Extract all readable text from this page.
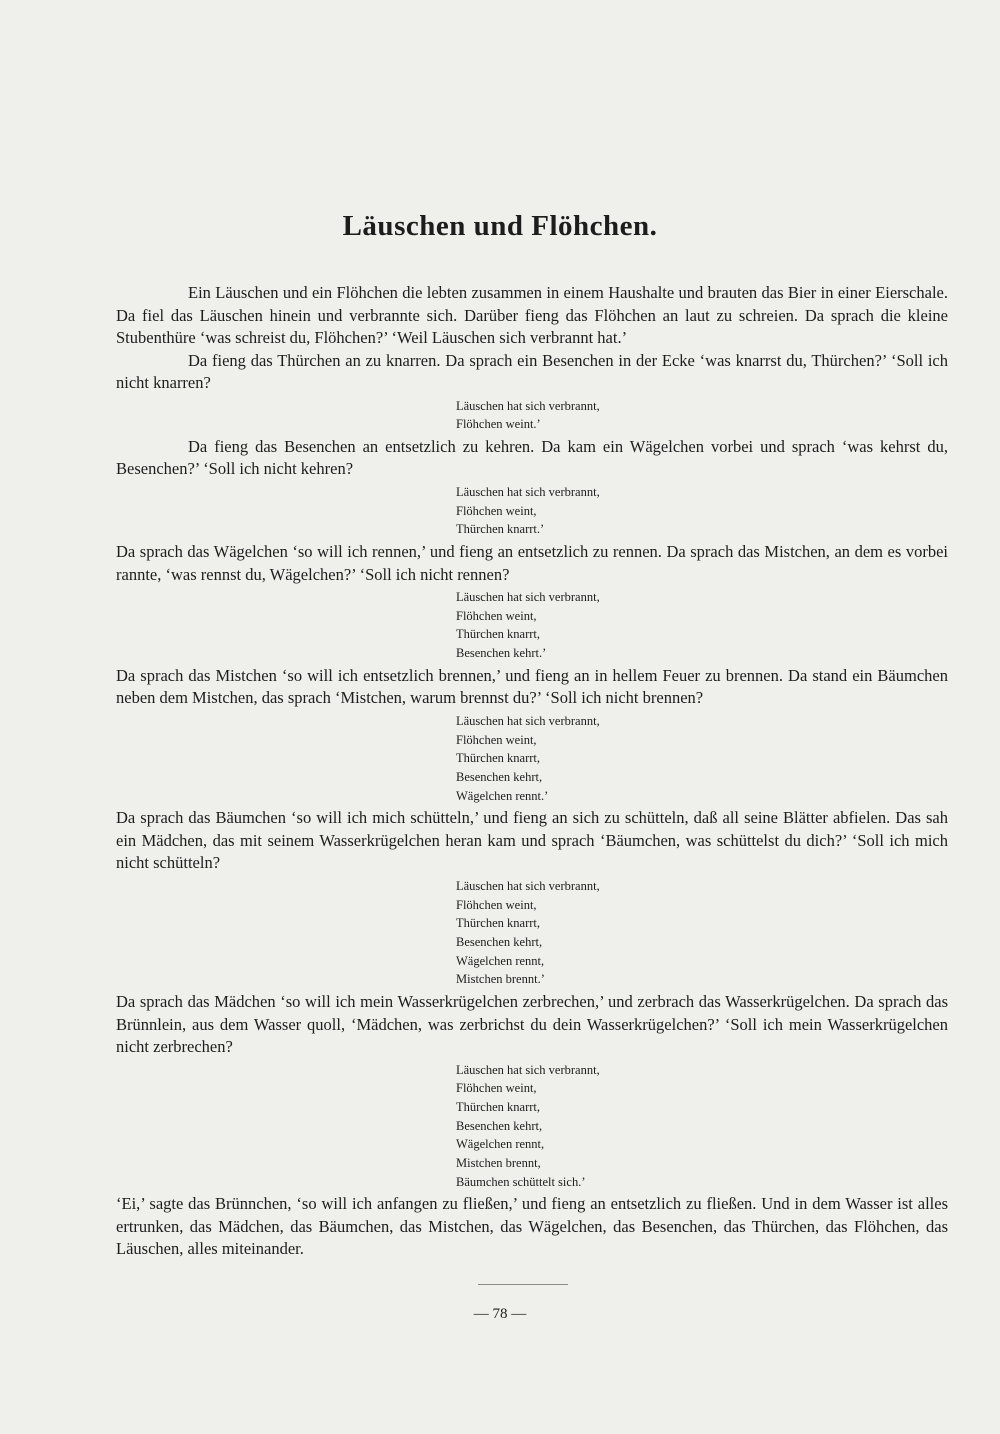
Läuschen und Flöhchen.

Ein Läuschen und ein Flöhchen die lebten zusammen in einem Haushalte und brauten das Bier in einer Eierschale. Da fiel das Läuschen hinein und verbrannte sich. Darüber fieng das Flöhchen an laut zu schreien. Da sprach die kleine Stubenthüre ‘was schreist du, Flöhchen?’ ‘Weil Läuschen sich verbrannt hat.’

Da fieng das Thürchen an zu knarren. Da sprach ein Besenchen in der Ecke ‘was knarrst du, Thürchen?’ ‘Soll ich nicht knarren?

Läuschen hat sich verbrannt,
Flöhchen weint.’

Da fieng das Besenchen an entsetzlich zu kehren. Da kam ein Wägelchen vorbei und sprach ‘was kehrst du, Besenchen?’ ‘Soll ich nicht kehren?

Läuschen hat sich verbrannt,
Flöhchen weint,
Thürchen knarrt.’

Da sprach das Wägelchen ‘so will ich rennen,’ und fieng an entsetzlich zu rennen. Da sprach das Mistchen, an dem es vorbei rannte, ‘was rennst du, Wägelchen?’ ‘Soll ich nicht rennen?

Läuschen hat sich verbrannt,
Flöhchen weint,
Thürchen knarrt,
Besenchen kehrt.’

Da sprach das Mistchen ‘so will ich entsetzlich brennen,’ und fieng an in hellem Feuer zu brennen. Da stand ein Bäumchen neben dem Mistchen, das sprach ‘Mistchen, warum brennst du?’ ‘Soll ich nicht brennen?

Läuschen hat sich verbrannt,
Flöhchen weint,
Thürchen knarrt,
Besenchen kehrt,
Wägelchen rennt.’

Da sprach das Bäumchen ‘so will ich mich schütteln,’ und fieng an sich zu schütteln, daß all seine Blätter abfielen. Das sah ein Mädchen, das mit seinem Wasserkrügelchen heran kam und sprach ‘Bäumchen, was schüttelst du dich?’ ‘Soll ich mich nicht schütteln?

Läuschen hat sich verbrannt,
Flöhchen weint,
Thürchen knarrt,
Besenchen kehrt,
Wägelchen rennt,
Mistchen brennt.’

Da sprach das Mädchen ‘so will ich mein Wasserkrügelchen zerbrechen,’ und zerbrach das Wasserkrügelchen. Da sprach das Brünnlein, aus dem Wasser quoll, ‘Mädchen, was zerbrichst du dein Wasserkrügelchen?’ ‘Soll ich mein Wasserkrügelchen nicht zerbrechen?

Läuschen hat sich verbrannt,
Flöhchen weint,
Thürchen knarrt,
Besenchen kehrt,
Wägelchen rennt,
Mistchen brennt,
Bäumchen schüttelt sich.’

‘Ei,’ sagte das Brünnchen, ‘so will ich anfangen zu fließen,’ und fieng an entsetzlich zu fließen. Und in dem Wasser ist alles ertrunken, das Mädchen, das Bäumchen, das Mistchen, das Wägelchen, das Besenchen, das Thürchen, das Flöhchen, das Läuschen, alles miteinander.

— 78 —
